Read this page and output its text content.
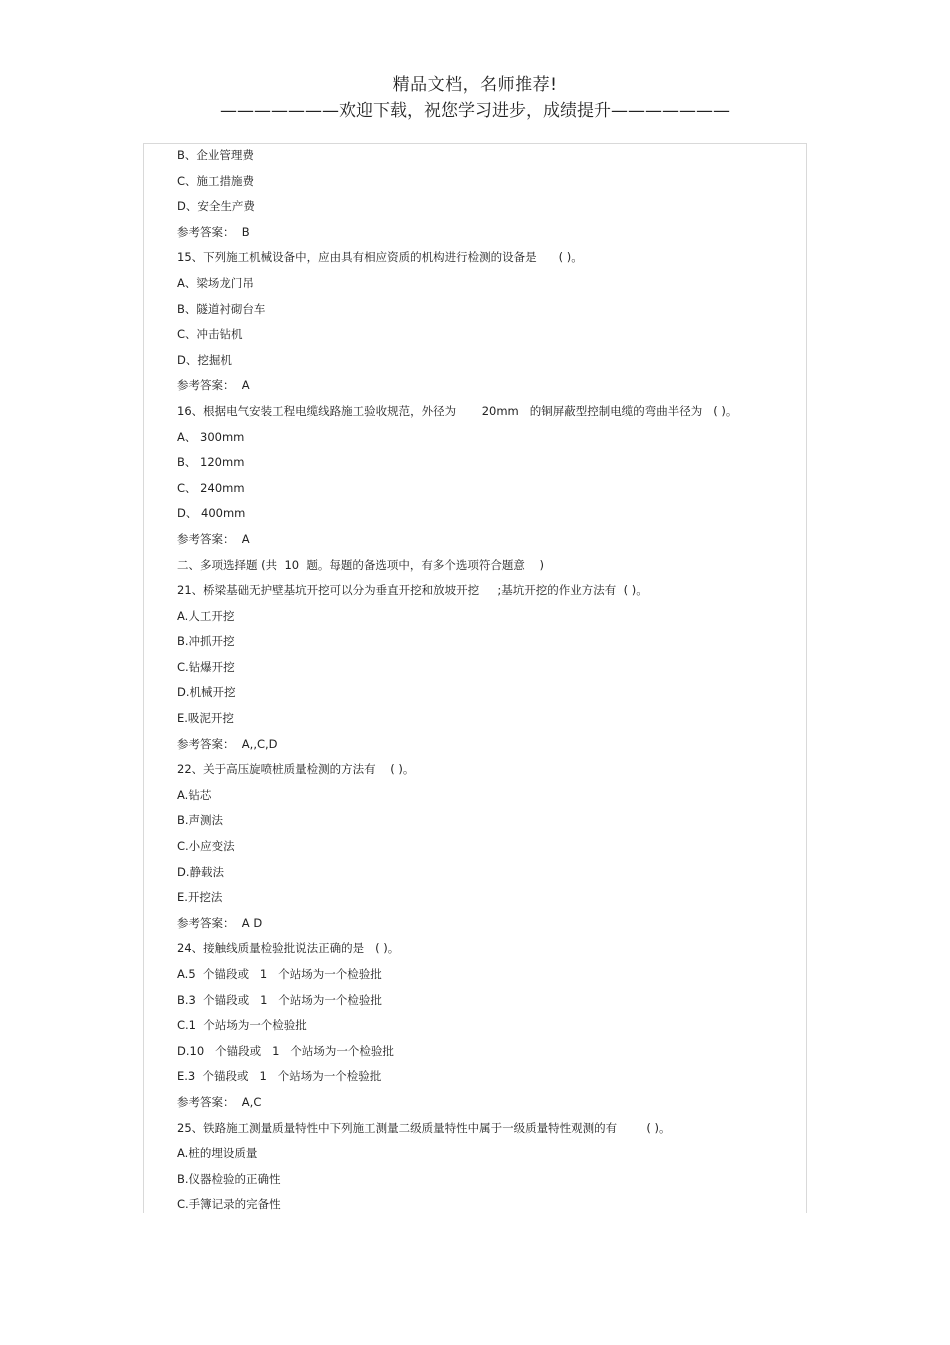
精品文档，名师推荐!
———————欢迎下载，祝您学习进步，成绩提升———————
B、企业管理费
C、施工措施费
D、安全生产费
参考答案：  B
15、下列施工机械设备中，应由具有相应资质的机构进行检测的设备是      ( )。
A、梁场龙门吊
B、隧道衬砌台车
C、冲击钻机
D、挖掘机
参考答案：  A
16、根据电气安装工程电缆线路施工验收规范，外径为       20mm   的铜屏蔽型控制电缆的弯曲半径为   ( )。
A、 300mm
B、 120mm
C、 240mm
D、 400mm
参考答案：  A
二、多项选择题 (共  10  题。每题的备选项中，有多个选项符合题意    )
21、桥梁基础无护壁基坑开挖可以分为垂直开挖和放坡开挖     ;基坑开挖的作业方法有  ( )。
A.人工开挖
B.冲抓开挖
C.钻爆开挖
D.机械开挖
E.吸泥开挖
参考答案：  A,,C,D
22、关于高压旋喷桩质量检测的方法有    ( )。
A.钻芯
B.声测法
C.小应变法
D.静载法
E.开挖法
参考答案：  A D
24、接触线质量检验批说法正确的是   ( )。
A.5  个锚段或   1   个站场为一个检验批
B.3  个锚段或   1   个站场为一个检验批
C.1  个站场为一个检验批
D.10   个锚段或   1   个站场为一个检验批
E.3  个锚段或   1   个站场为一个检验批
参考答案：  A,C
25、铁路施工测量质量特性中下列施工测量二级质量特性中属于一级质量特性观测的有        ( )。
A.桩的埋设质量
B.仪器检验的正确性
C.手簿记录的完备性
